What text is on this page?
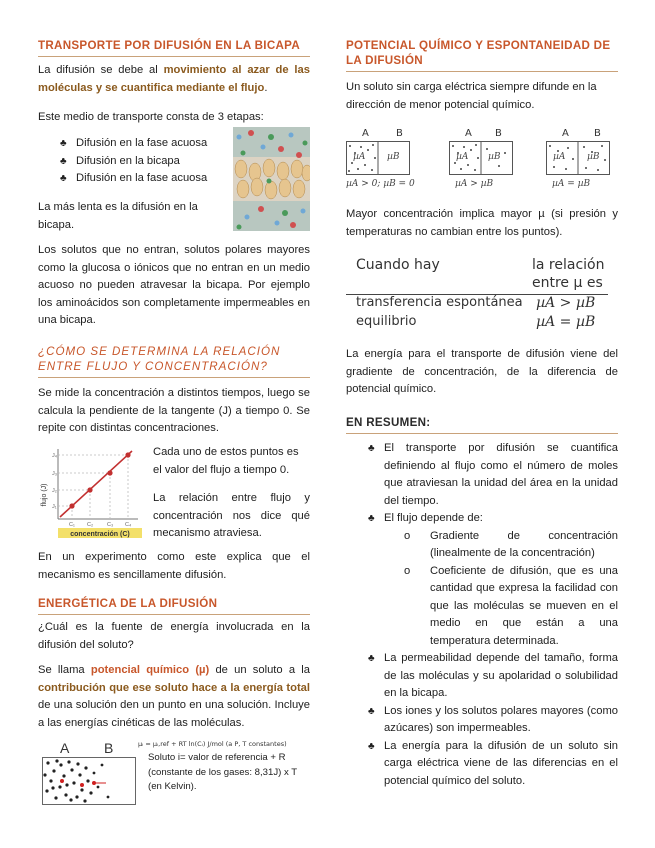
TRANSPORTE POR DIFUSIÓN EN LA BICAPA

La difusión se debe al movimiento al azar de las moléculas y se cuantifica mediante el flujo.

Este medio de transporte consta de 3 etapas:

♣ Difusión en la fase acuosa
♣ Difusión en la bicapa
♣ Difusión en la fase acuosa

La más lenta es la difusión en la bicapa.

Los solutos que no entran, solutos polares mayores como la glucosa o iónicos que no entran en un medio acuoso no pueden atravesar la bicapa. Por ejemplo los aminoácidos son completamente impermeables en una bicapa.

¿CÓMO SE DETERMINA LA RELACIÓN ENTRE FLUJO Y CONCENTRACIÓN?

Se mide la concentración a distintos tiempos, luego se calcula la pendiente de la tangente (J) a tiempo 0. Se repite con distintas concentraciones.

flujo (J)
J₄
J₃
J₂
J₁
C₁ C₂	C₃ C₄
concentración (C)

Cada uno de estos puntos es el valor del flujo a tiempo 0.

La relación entre flujo y concentración nos dice qué mecanismo atraviesa.

En un experimento como este explica que el mecanismo es sencillamente difusión.

ENERGÉTICA DE LA DIFUSIÓN

¿Cuál es la fuente de energía involucrada en la difusión del soluto?

Se llama potencial químico (µ) de un soluto a la contribución que ese soluto hace a la energía total de una solución den un punto en una solución. Incluye a las energías cinéticas de las moléculas.

A B	µᵢ = µᵢ,ref + RT ln(Cᵢ) J/mol (a P, T constantes)

Soluto i= valor de referencia + R (constante de los gases: 8,31J) x T (en Kelvin).

POTENCIAL QUÍMICO Y ESPONTANEIDAD DE LA DIFUSIÓN

Un soluto sin carga eléctrica siempre difunde en la dirección de menor potencial químico.

A	B
µA µB
µA > 0; µB = 0
A B
µA µB
µA > µB
A	B
µA µB
µA = µB

Mayor concentración implica mayor µ (si presión y temperaturas no cambian entre los puntos).

Cuando hay	la relación
entre µ es
transferencia espontánea µA > µB
equilibrio	µA = µB

La energía para el transporte de difusión viene del gradiente de concentración, de la diferencia de potencial químico.

EN RESUMEN:
♣ El transporte por difusión se cuantifica definiendo al flujo como el número de moles que atraviesan la unidad del área en la unidad del tiempo.
♣ El flujo depende de:
o Gradiente de concentración (linealmente de la concentración)
o Coeficiente de difusión, que es una cantidad que expresa la facilidad con que las moléculas se mueven en el medio en que están a una temperatura determinada.
♣ La permeabilidad depende del tamaño, forma de las moléculas y su apolaridad o solubilidad en la bicapa.
♣ Los iones y los solutos polares mayores (como azúcares) son impermeables.
♣ La energía para la difusión de un soluto sin carga eléctrica viene de las diferencias en el potencial químico del soluto.
